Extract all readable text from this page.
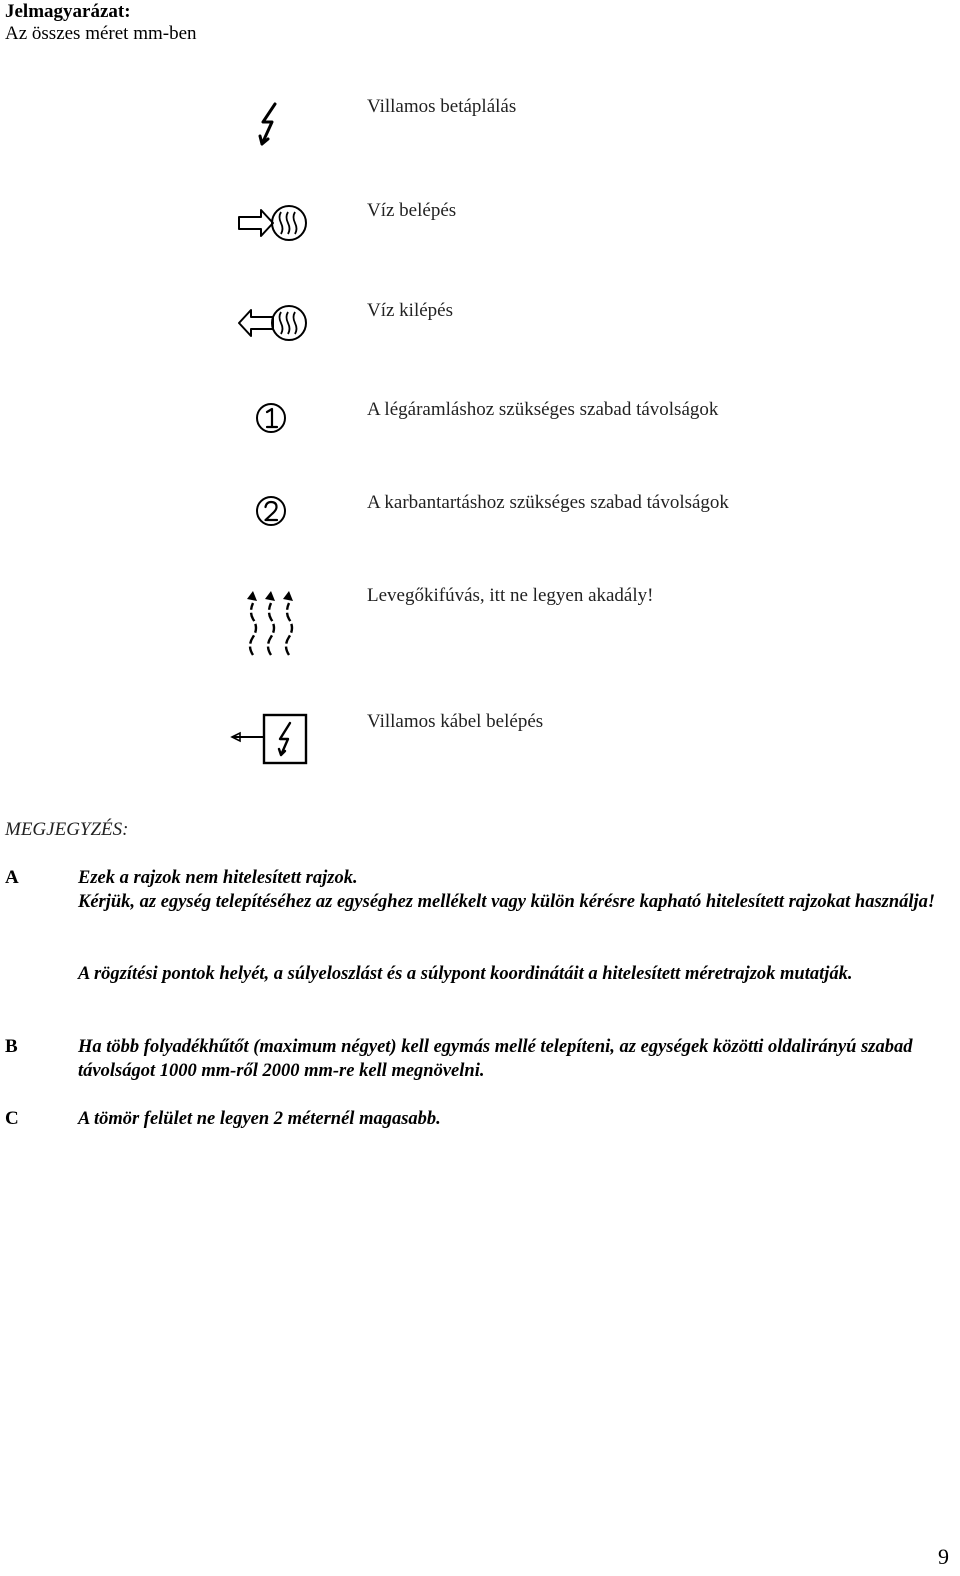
Jelmagyarázat:
Az összes méret mm-ben
Villamos betáplálás
Víz belépés
Víz kilépés
A légáramláshoz szükséges szabad távolságok
A karbantartáshoz szükséges szabad távolságok
Levegőkifúvás, itt ne legyen akadály!
Villamos kábel belépés
MEGJEGYZÉS:
A	Ezek a rajzok nem hitelesített rajzok.
Kérjük, az egység telepítéséhez az egységhez mellékelt vagy külön kérésre kapható hitelesített rajzokat használja!
A rögzítési pontok helyét, a súlyeloszlást és a súlypont koordinátáit a hitelesített méretrajzok mutatják.
B	Ha több folyadékhűtőt (maximum négyet) kell egymás mellé telepíteni, az egységek közötti oldalirányú szabad távolságot 1000 mm-ről 2000 mm-re kell megnövelni.
C	A tömör felület ne legyen 2 méternél magasabb.
9
